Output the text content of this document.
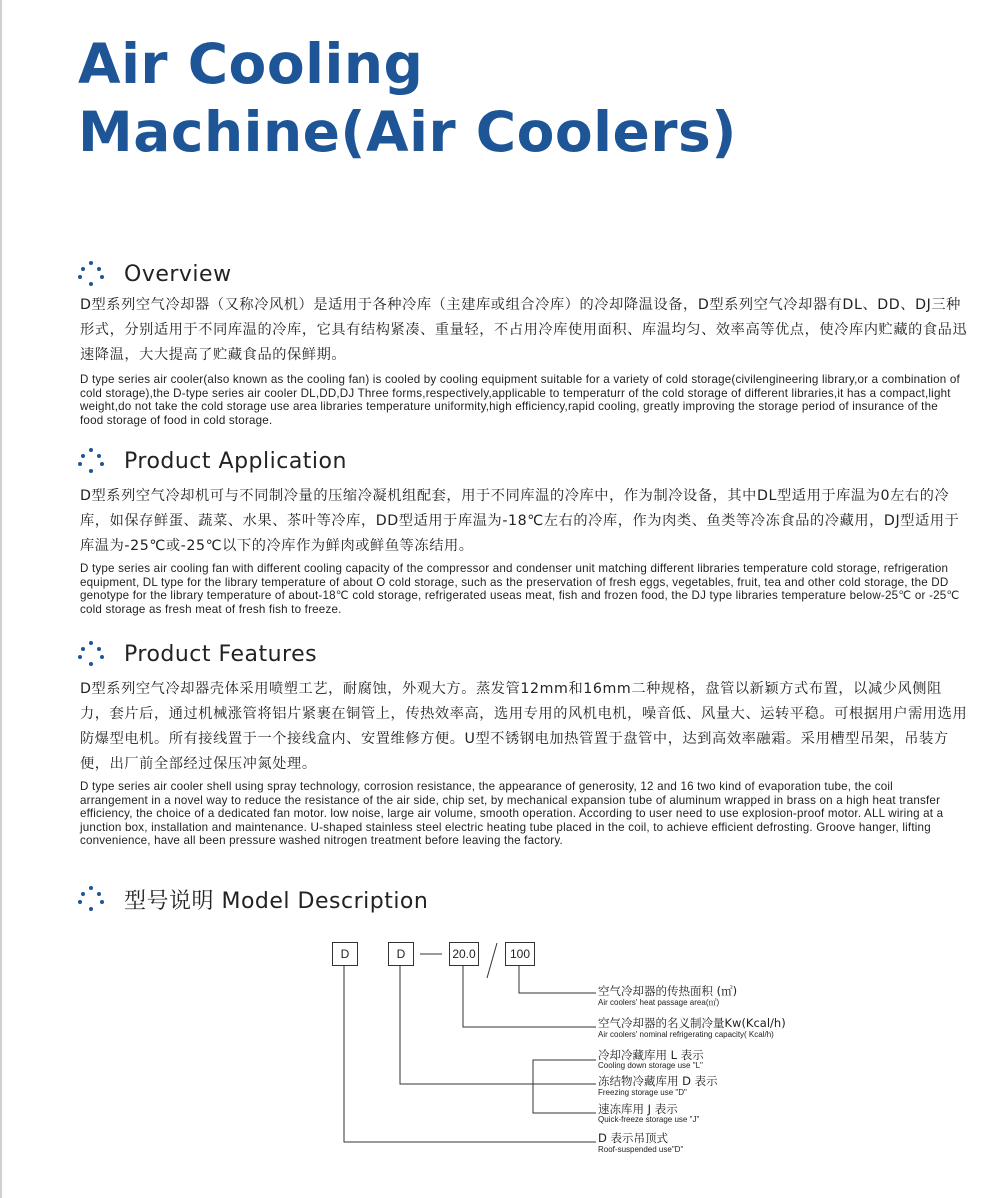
Air Cooling
Machine(Air Coolers)
Overview
D型系列空气冷却器（又称冷风机）是适用于各种冷库（主建库或组合冷库）的冷却降温设备，D型系列空气冷却器有DL、DD、DJ三种形式，分别适用于不同库温的冷库，它具有结构紧凑、重量轻，不占用冷库使用面积、库温均匀、效率高等优点，使冷库内贮藏的食品迅速降温，大大提高了贮藏食品的保鲜期。
D type series air cooler(also known as the cooling fan) is cooled by cooling equipment suitable for a variety of cold storage(civilengineering library,or a combination of cold storage),the D-type series air cooler DL,DD,DJ Three forms,respectively,applicable to temperaturr of the cold storage of different libraries,it has a compact,light weight,do not take the cold storage use area libraries temperature uniformity,high efficiency,rapid cooling, greatly improving the storage period of insurance of the food storage of food in cold storage.
Product Application
D型系列空气冷却机可与不同制冷量的压缩冷凝机组配套，用于不同库温的冷库中，作为制冷设备，其中DL型适用于库温为0左右的冷库，如保存鲜蛋、蔬菜、水果、茶叶等冷库，DD型适用于库温为-18℃左右的冷库，作为肉类、鱼类等冷冻食品的冷藏用，DJ型适用于库温为-25℃或-25℃以下的冷库作为鲜肉或鲜鱼等冻结用。
D type series air cooling fan with different cooling capacity of the compressor and condenser unit matching different libraries temperature cold storage, refrigeration equipment, DL type for the library temperature of about O cold storage, such as the preservation of fresh eggs, vegetables, fruit, tea and other cold storage, the DD genotype for the library temperature of about-18℃ cold storage, refrigerated useas meat, fish and frozen food, the DJ type libraries temperature below-25℃ or -25℃ cold storage as fresh meat of fresh fish to freeze.
Product Features
D型系列空气冷却器壳体采用喷塑工艺，耐腐蚀，外观大方。蒸发管12mm和16mm二种规格，盘管以新颖方式布置，以减少风侧阻力，套片后，通过机械涨管将铝片紧裹在铜管上，传热效率高，选用专用的风机电机，噪音低、风量大、运转平稳。可根据用户需用选用防爆型电机。所有接线置于一个接线盒内、安置维修方便。U型不锈钢电加热管置于盘管中，达到高效率融霜。采用槽型吊架，吊装方便，出厂前全部经过保压冲氮处理。
D type series air cooler shell using spray technology, corrosion resistance, the appearance of generosity, 12 and 16 two kind of evaporation tube, the coil arrangement in a novel way to reduce the resistance of the air side, chip set, by mechanical expansion tube of aluminum wrapped in brass on a high heat transfer efficiency, the choice of a dedicated fan motor. low noise, large air volume, smooth operation. According to user need to use explosion-proof motor. ALL wiring at a junction box, installation and maintenance. U-shaped stainless steel electric heating tube placed in the coil, to achieve efficient defrosting. Groove hanger, lifting convenience, have all been pressure washed nitrogen treatment before leaving the factory.
型号说明 Model Description
D	D	20.0	100
空气冷却器的传热面积 (㎡)
Air coolers' heat passage area(㎡)
空气冷却器的名义制冷量Kw(Kcal/h)
Air coolers' nominal refrigerating capacity( Kcal/h)
冷却冷藏库用 L 表示
Cooling down storage use "L"
冻结物冷藏库用 D 表示
Freezing storage use "D"
速冻库用 J 表示
Quick-freeze storage use "J"
D 表示吊顶式
Roof-suspended use"D"
